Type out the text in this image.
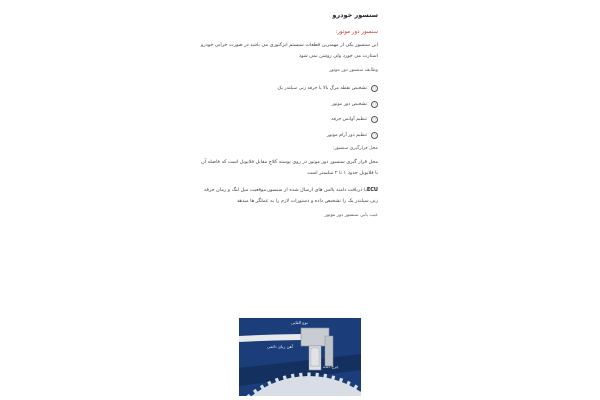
سنسور خودرو
سنسور دور موتور:
این سنسور یکی از مهمترین قطعات سیستم انژکتوری می باشد در صورت خرابی خودرو استارت می خورد ولی روشن نمی شود
وظایف سنسور دور موتور
○
تشخیص نقطه مرگ بالا یا جرقه زنی سیلندر یک
○
تشخیص دور موتور
○
تنظیم آوانس جرقه
○
تنظیم دور آرام موتور
محل قرارگیری سنسور:
محل قرار گیری سنسور دور موتور در روی پوسته کلاچ مقابل فلایویل است که فاصله آن با فلایویل حدود ۱ تا ۲ میلیمتر است
ECUبا دریافت دامنه پالس های ارسال شده از سنسور،موقعیت میل لنگ و زمان جرقه زنی سیلندر یک را تشخیص داده و دستورات لازم را به عملگر ها میدهد
عیب یابی سنسور دور موتور
نوع القایی
آهن ربای دائمی
چرخ دنده
